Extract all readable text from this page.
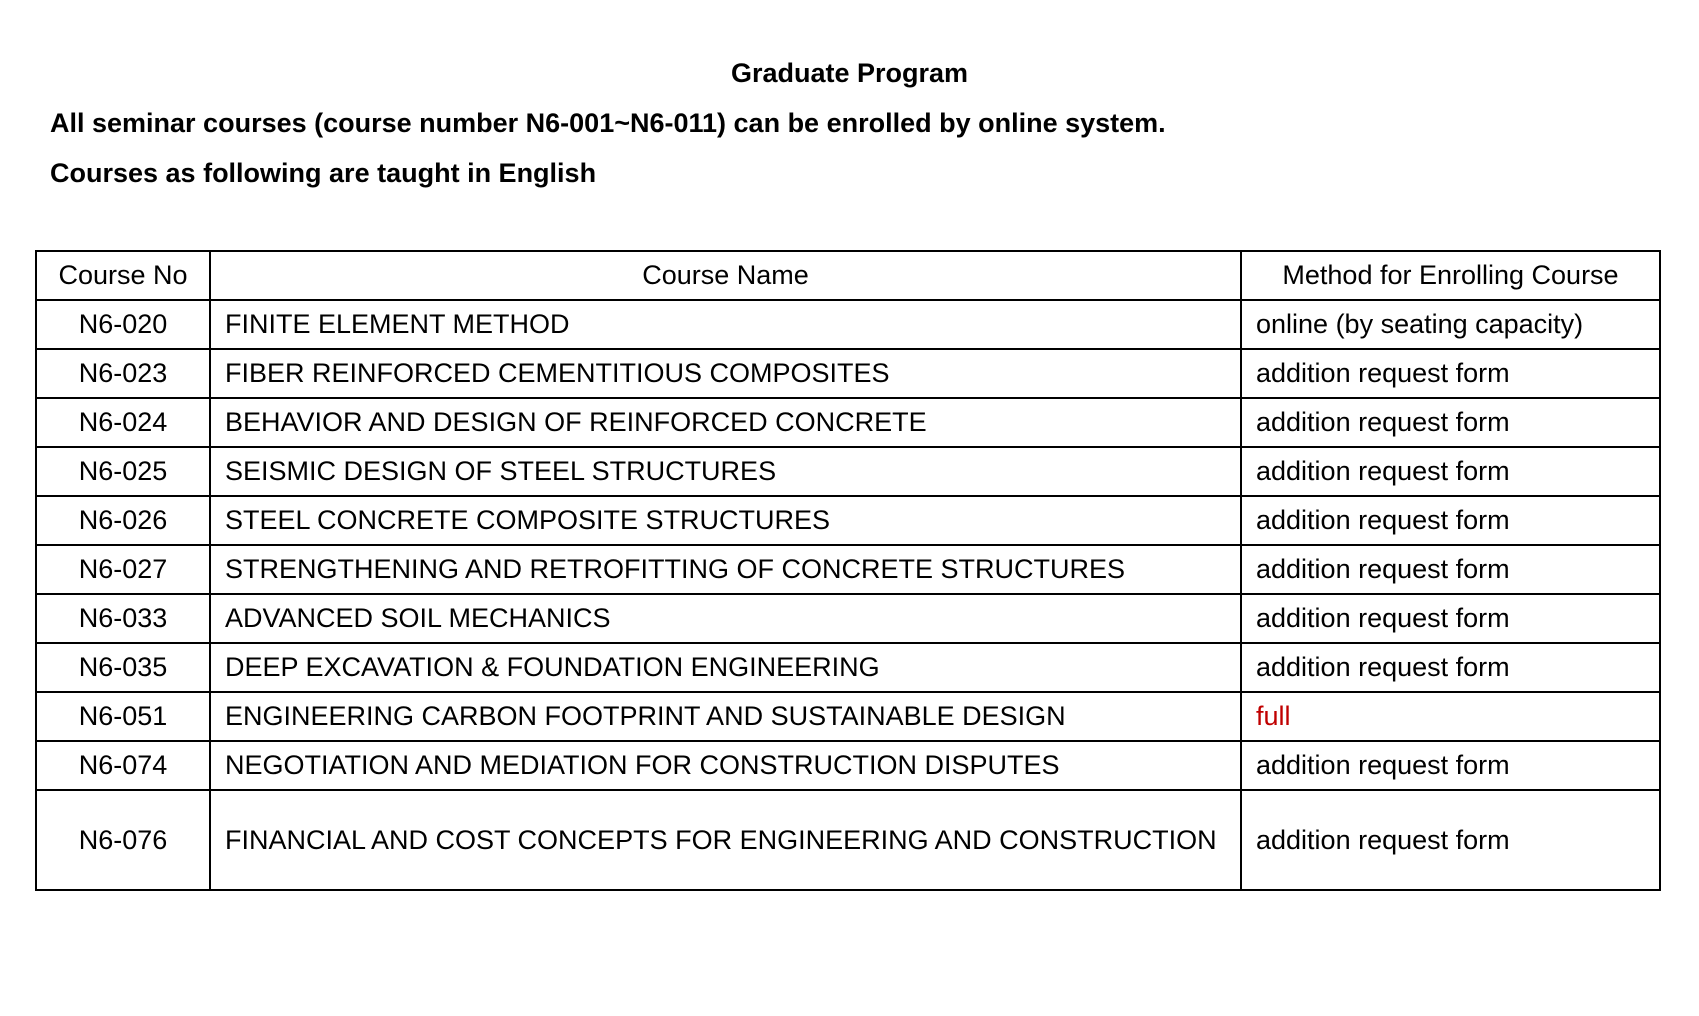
Graduate Program
All seminar courses (course number N6-001~N6-011) can be enrolled by online system.
Courses as following are taught in English
Course No	Course Name	Method for Enrolling Course
N6-020	FINITE ELEMENT METHOD	online (by seating capacity)
N6-023	FIBER REINFORCED CEMENTITIOUS COMPOSITES	addition request form
N6-024	BEHAVIOR AND DESIGN OF REINFORCED CONCRETE	addition request form
N6-025	SEISMIC DESIGN OF STEEL STRUCTURES	addition request form
N6-026	STEEL CONCRETE COMPOSITE STRUCTURES	addition request form
N6-027	STRENGTHENING AND RETROFITTING OF CONCRETE STRUCTURES	addition request form
N6-033	ADVANCED SOIL MECHANICS	addition request form
N6-035	DEEP EXCAVATION & FOUNDATION ENGINEERING	addition request form
N6-051	ENGINEERING CARBON FOOTPRINT AND SUSTAINABLE DESIGN	full
N6-074	NEGOTIATION AND MEDIATION FOR CONSTRUCTION DISPUTES	addition request form
N6-076	FINANCIAL AND COST CONCEPTS FOR ENGINEERING AND CONSTRUCTION	addition request form
